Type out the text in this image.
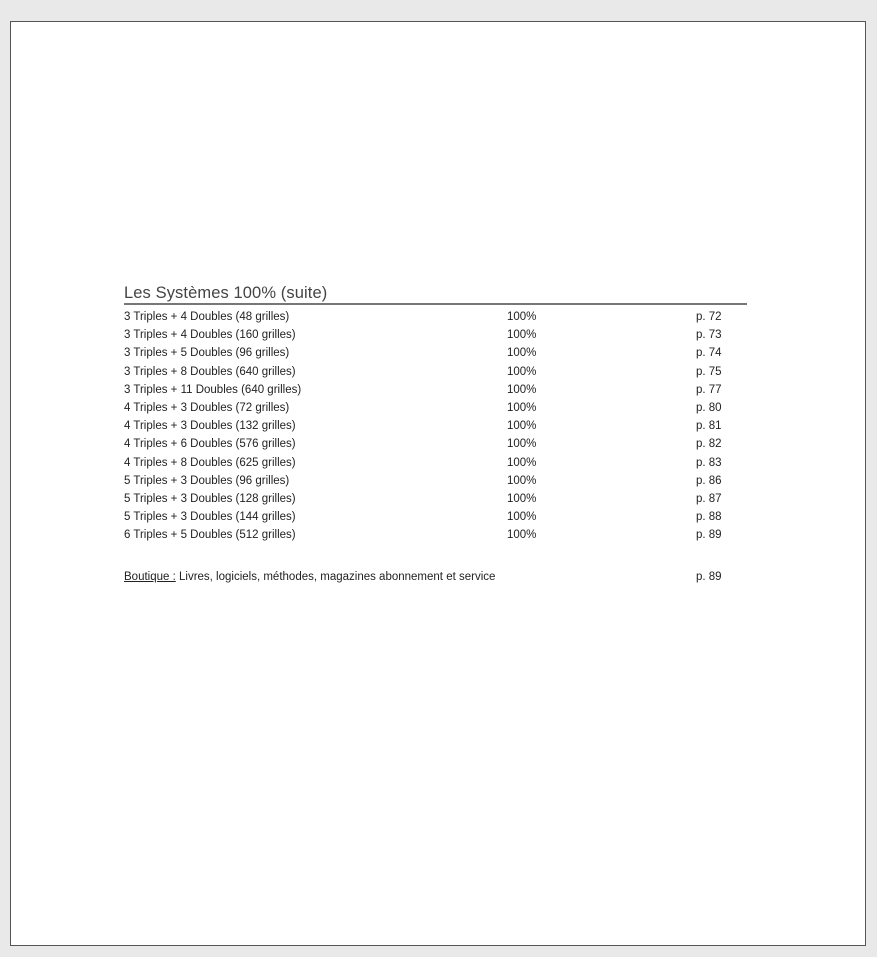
Les Systèmes 100% (suite)
3 Triples + 4 Doubles (48 grilles)	100%	p. 72
3 Triples + 4 Doubles (160 grilles)	100%	p. 73
3 Triples + 5 Doubles (96 grilles)	100%	p. 74
3 Triples + 8 Doubles (640 grilles)	100%	p. 75
3 Triples + 11 Doubles (640 grilles)	100%	p. 77
4 Triples + 3 Doubles (72 grilles)	100%	p. 80
4 Triples + 3 Doubles (132 grilles)	100%	p. 81
4 Triples + 6 Doubles (576 grilles)	100%	p. 82
4 Triples + 8 Doubles (625 grilles)	100%	p. 83
5 Triples + 3 Doubles (96 grilles)	100%	p. 86
5 Triples + 3 Doubles (128 grilles)	100%	p. 87
5 Triples + 3 Doubles (144 grilles)	100%	p. 88
6 Triples + 5 Doubles (512 grilles)	100%	p. 89
Boutique : Livres, logiciels, méthodes, magazines abonnement et service	p. 89
